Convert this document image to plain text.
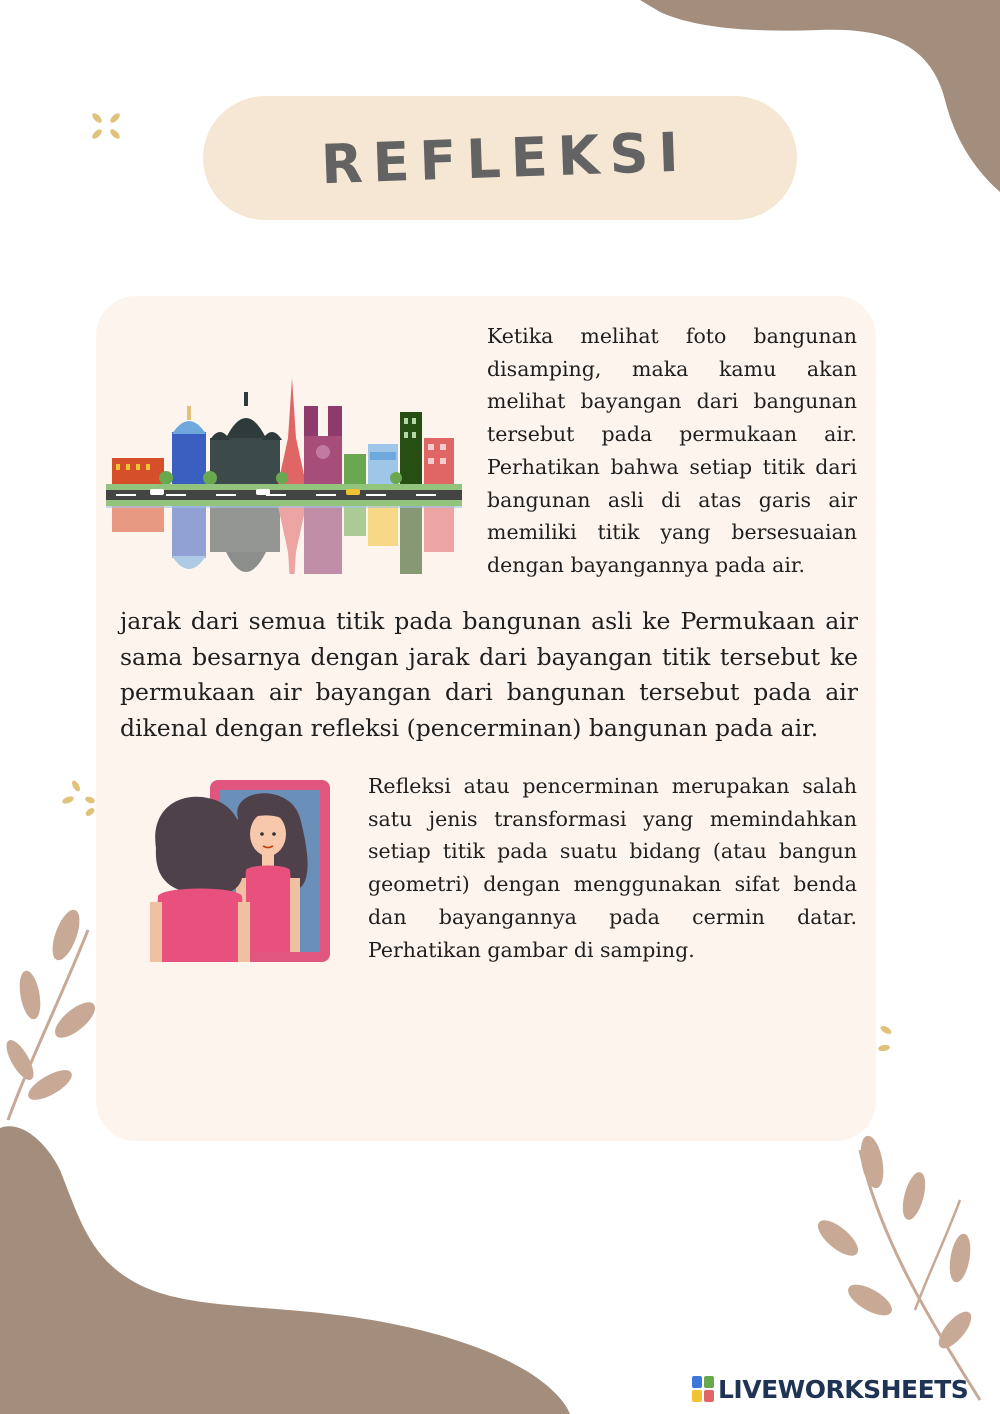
REFLEKSI
Ketika melihat foto bangunan disamping, maka kamu akan melihat bayangan dari bangunan tersebut pada permukaan air. Perhatikan bahwa setiap titik dari bangunan asli di atas garis air memiliki titik yang bersesuaian dengan bayangannya pada air.
jarak dari semua titik pada bangunan asli ke Permukaan air sama besarnya dengan jarak dari bayangan titik tersebut ke permukaan air bayangan dari bangunan tersebut pada air dikenal dengan refleksi (pencerminan) bangunan pada air.
Refleksi atau pencerminan merupakan salah satu jenis transformasi yang memindahkan setiap titik pada suatu bidang (atau bangun geometri) dengan menggunakan sifat benda dan bayangannya pada cermin datar. Perhatikan gambar di samping.
LIVEWORKSHEETS
